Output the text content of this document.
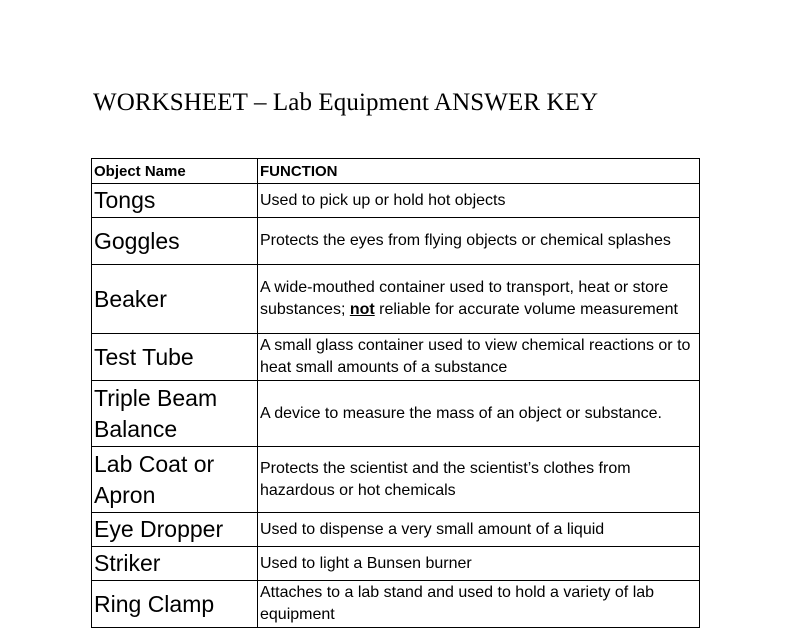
WORKSHEET – Lab Equipment ANSWER KEY
Object Name	FUNCTION
Tongs	Used to pick up or hold hot objects
Goggles	Protects the eyes from flying objects or chemical splashes
Beaker	A wide-mouthed container used to transport, heat or store substances; not reliable for accurate volume measurement
Test Tube	A small glass container used to view chemical reactions or to heat small amounts of a substance
Triple Beam Balance	A device to measure the mass of an object or substance.
Lab Coat or Apron	Protects the scientist and the scientist’s clothes from hazardous or hot chemicals
Eye Dropper	Used to dispense a very small amount of a liquid
Striker	Used to light a Bunsen burner
Ring Clamp	Attaches to a lab stand and used to hold a variety of lab equipment
